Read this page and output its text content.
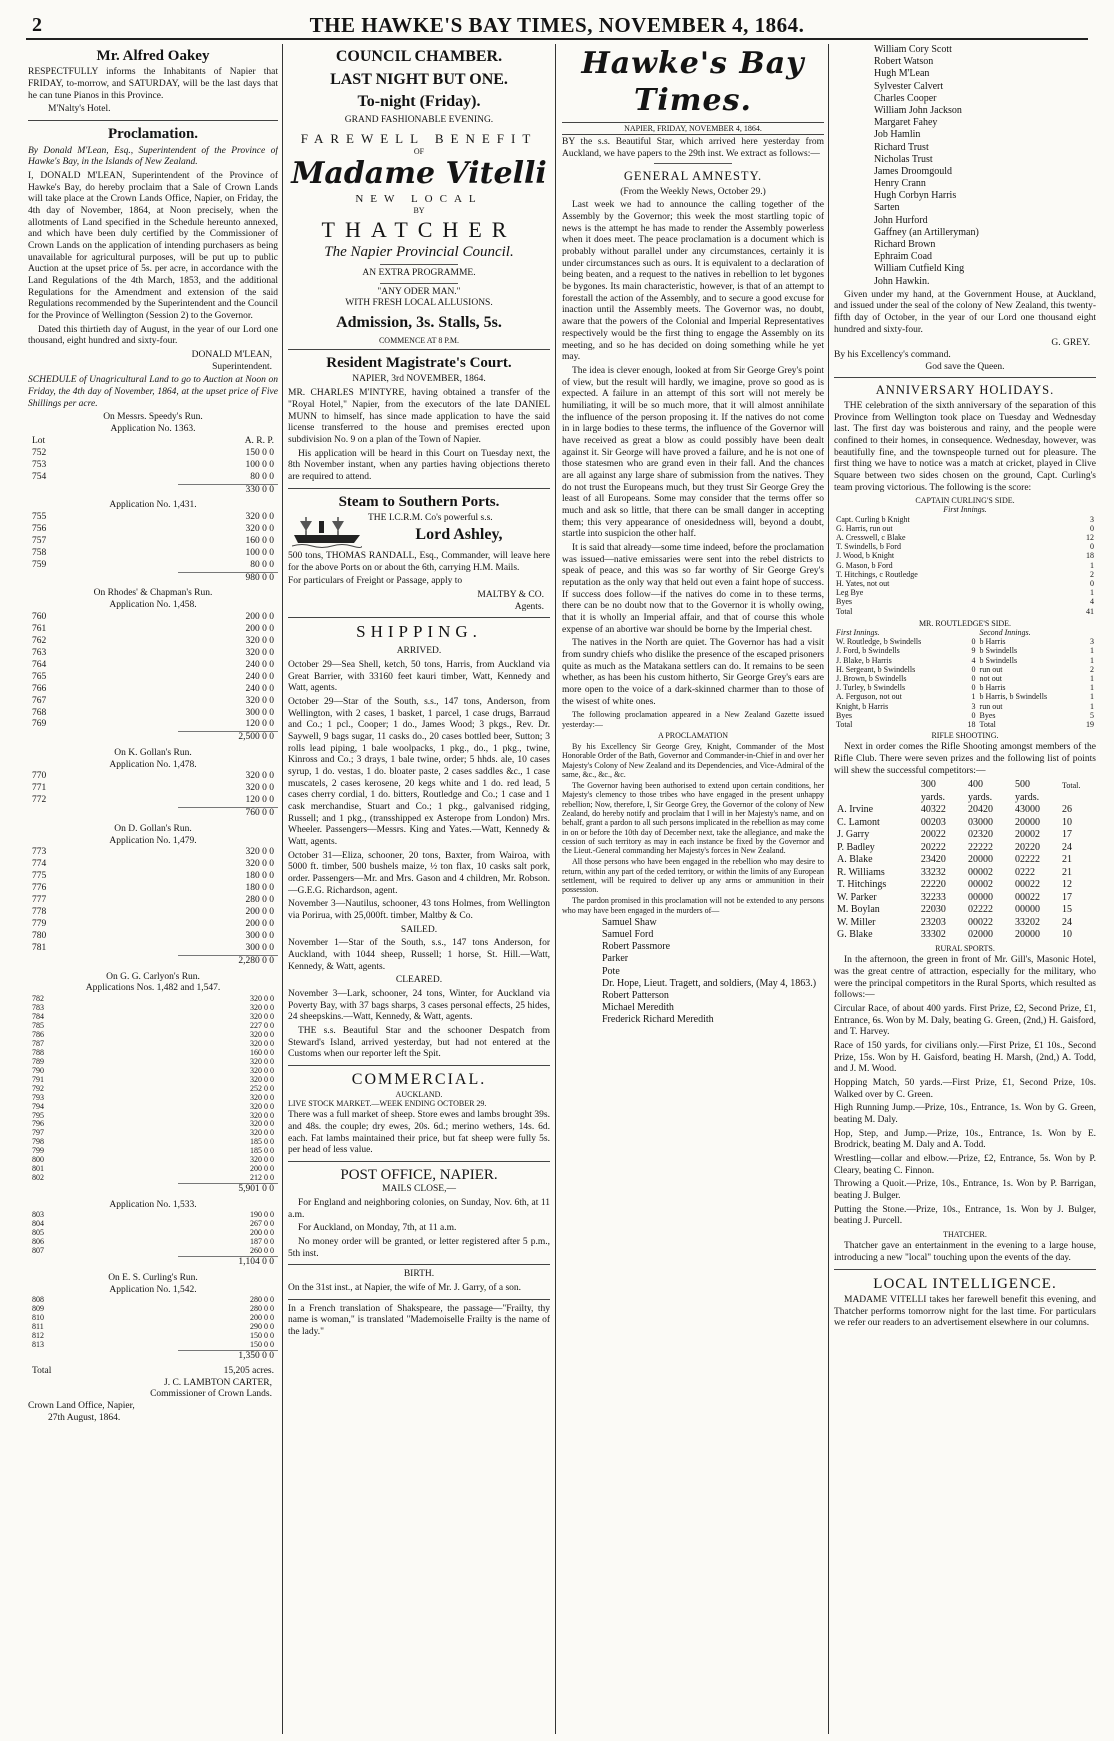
2	THE HAWKE'S BAY TIMES, NOVEMBER 4, 1864.
Mr. Alfred Oakey

RESPECTFULLY informs the Inhabitants of Napier that FRIDAY, to-morrow, and SATURDAY, will be the last days that he can tune Pianos in this Province.

M'Nalty's Hotel.

Proclamation.

By Donald M'Lean, Esq., Superintendent of the Province of Hawke's Bay, in the Islands of New Zealand.

I, DONALD M'LEAN, Superintendent of the Province of Hawke's Bay, do hereby proclaim that a Sale of Crown Lands will take place at the Crown Lands Office, Napier, on Friday, the 4th day of November, 1864, at Noon precisely, when the allotments of Land specified in the Schedule hereunto annexed, and which have been duly certified by the Commissioner of Crown Lands on the application of intending purchasers as being unavailable for agricultural purposes, will be put up to public Auction at the upset price of 5s. per acre, in accordance with the Land Regulations of the 4th March, 1853, and the additional Regulations for the Amendment and extension of the said Regulations recommended by the Superintendent and the Council for the Province of Wellington (Session 2) to the Governor.

Dated this thirtieth day of August, in the year of our Lord one thousand, eight hundred and sixty-four.

DONALD M'LEAN,
Superintendent.

SCHEDULE of Unagricultural Land to go to Auction at Noon on Friday, the 4th day of November, 1864, at the upset price of Five Shillings per acre.

On Messrs. Speedy's Run.
Application No. 1363.
Lot	A. R. P.
752	150 0 0
753	100 0 0
754	80 0 0
330 0 0
Application No. 1,431.
755	320 0 0
756	320 0 0
757	160 0 0
758	100 0 0
759	80 0 0
980 0 0
On Rhodes' & Chapman's Run.
Application No. 1,458.
760	200 0 0
761	200 0 0
762	320 0 0
763	320 0 0
764	240 0 0
765	240 0 0
766	240 0 0
767	320 0 0
768	300 0 0
769	120 0 0
2,500 0 0
On K. Gollan's Run.
Application No. 1,478.
770	320 0 0
771	320 0 0
772	120 0 0
760 0 0
On D. Gollan's Run.
Application No. 1,479.
773	320 0 0
774	320 0 0
775	180 0 0
776	180 0 0
777	280 0 0
778	200 0 0
779	200 0 0
780	300 0 0
781	300 0 0
2,280 0 0
On G. G. Carlyon's Run.
Applications Nos. 1,482 and 1,547.
782	320 0 0
783	320 0 0
784	320 0 0
785	227 0 0
786	320 0 0
787	320 0 0
788	160 0 0
789	320 0 0
790	320 0 0
791	320 0 0
792	252 0 0
793	320 0 0
794	320 0 0
795	320 0 0
796	320 0 0
797	320 0 0
798	185 0 0
799	185 0 0
800	320 0 0
801	200 0 0
802	212 0 0
5,901 0 0
Application No. 1,533.
803	190 0 0
804	267 0 0
805	200 0 0
806	187 0 0
807	260 0 0
1,104 0 0
On E. S. Curling's Run.
Application No. 1,542.
808	280 0 0
809	280 0 0
810	200 0 0
811	290 0 0
812	150 0 0
813	150 0 0
1,350 0 0
Total	15,205 acres.
J. C. LAMBTON CARTER,
Commissioner of Crown Lands.
Crown Land Office, Napier,
27th August, 1864.
COUNCIL CHAMBER.
LAST NIGHT BUT ONE.
To-night (Friday).
GRAND FASHIONABLE EVENING.
FAREWELL BENEFIT
OF
Madame Vitelli
NEW LOCAL
BY
THATCHER
The Napier Provincial Council.
AN EXTRA PROGRAMME.
"ANY ODER MAN."
WITH FRESH LOCAL ALLUSIONS.
Admission, 3s. Stalls, 5s.
COMMENCE AT 8 P.M.
Resident Magistrate's Court.
NAPIER, 3rd NOVEMBER, 1864.

MR. CHARLES M'INTYRE, having obtained a transfer of the "Royal Hotel," Napier, from the executors of the late DANIEL MUNN to himself, has since made application to have the said license transferred to the house and premises erected upon subdivision No. 9 on a plan of the Town of Napier.

His application will be heard in this Court on Tuesday next, the 8th November instant, when any parties having objections thereto are required to attend.

Steam to Southern Ports.
THE I.C.R.M. Co's powerful s.s.
Lord Ashley,

500 tons, THOMAS RANDALL, Esq., Commander, will leave here for the above Ports on or about the 6th, carrying H.M. Mails.

For particulars of Freight or Passage, apply to

MALTBY & CO.
Agents.
SHIPPING.
ARRIVED.

October 29—Sea Shell, ketch, 50 tons, Harris, from Auckland via Great Barrier, with 33160 feet kauri timber, Watt, Kennedy and Watt, agents.

October 29—Star of the South, s.s., 147 tons, Anderson, from Wellington, with 2 cases, 1 basket, 1 parcel, 1 case drugs, Barraud and Co.; 1 pcl., Cooper; 1 do., James Wood; 3 pkgs., Rev. Dr. Saywell, 9 bags sugar, 11 casks do., 20 cases bottled beer, Sutton; 3 rolls lead piping, 1 bale woolpacks, 1 pkg., do., 1 pkg., twine, Kinross and Co.; 3 drays, 1 bale twine, order; 5 hhds. ale, 10 cases syrup, 1 do. vestas, 1 do. bloater paste, 2 cases saddles &c., 1 case muscatels, 2 cases kerosene, 20 kegs white and 1 do. red lead, 5 cases cherry cordial, 1 do. bitters, Routledge and Co.; 1 case and 1 cask merchandise, Stuart and Co.; 1 pkg., galvanised ridging, Russell; and 1 pkg., (transshipped ex Asterope from London) Mrs. Wheeler. Passengers—Messrs. King and Yates.—Watt, Kennedy & Watt, agents.

October 31—Eliza, schooner, 20 tons, Baxter, from Wairoa, with 5000 ft. timber, 500 bushels maize, ½ ton flax, 10 casks salt pork, order. Passengers—Mr. and Mrs. Gason and 4 children, Mr. Robson.—G.E.G. Richardson, agent.

November 3—Nautilus, schooner, 43 tons Holmes, from Wellington via Porirua, with 25,000ft. timber, Maltby & Co.

SAILED.

November 1—Star of the South, s.s., 147 tons Anderson, for Auckland, with 1044 sheep, Russell; 1 horse, St. Hill.—Watt, Kennedy, & Watt, agents.

CLEARED.

November 3—Lark, schooner, 24 tons, Winter, for Auckland via Poverty Bay, with 37 bags sharps, 3 cases personal effects, 25 hides, 24 sheepskins.—Watt, Kennedy, & Watt, agents.

THE s.s. Beautiful Star and the schooner Despatch from Steward's Island, arrived yesterday, but had not entered at the Customs when our reporter left the Spit.

COMMERCIAL.
AUCKLAND.
LIVE STOCK MARKET.—WEEK ENDING OCTOBER 29.

There was a full market of sheep. Store ewes and lambs brought 39s. and 48s. the couple; dry ewes, 20s. 6d.; merino wethers, 14s. 6d. each. Fat lambs maintained their price, but fat sheep were fully 5s. per head of less value.

POST OFFICE, NAPIER.
MAILS CLOSE,—

For England and neighboring colonies, on Sunday, Nov. 6th, at 11 a.m.

For Auckland, on Monday, 7th, at 11 a.m.

No money order will be granted, or letter registered after 5 p.m., 5th inst.

BIRTH.

On the 31st inst., at Napier, the wife of Mr. J. Garry, of a son.

In a French translation of Shakspeare, the passage—"Frailty, thy name is woman," is translated "Mademoiselle Frailty is the name of the lady."

Hawke's Bay Times.
NAPIER, FRIDAY, NOVEMBER 4, 1864.

BY the s.s. Beautiful Star, which arrived here yesterday from Auckland, we have papers to the 29th inst. We extract as follows:—

GENERAL AMNESTY.
(From the Weekly News, October 29.)

Last week we had to announce the calling together of the Assembly by the Governor; this week the most startling topic of news is the attempt he has made to render the Assembly powerless when it does meet. The peace proclamation is a document which is probably without parallel under any circumstances, certainly it is under circumstances such as ours. It is equivalent to a declaration of being beaten, and a request to the natives in rebellion to let bygones be bygones. Its main characteristic, however, is that of an attempt to forestall the action of the Assembly, and to secure a good excuse for inaction until the Assembly meets. The Governor was, no doubt, aware that the powers of the Colonial and Imperial Representatives respectively would be the first thing to engage the Assembly on its meeting, and so he has decided on doing something while he yet may.

The idea is clever enough, looked at from Sir George Grey's point of view, but the result will hardly, we imagine, prove so good as is expected. A failure in an attempt of this sort will not merely be humiliating, it will be so much more, that it will almost annihilate the influence of the person proposing it. If the natives do not come in in large bodies to these terms, the influence of the Governor will have received as great a blow as could possibly have been dealt against it. Sir George will have proved a failure, and he is not one of those statesmen who are grand even in their fall. And the chances are all against any large share of submission from the natives. They do not trust the Europeans much, but they trust Sir George Grey the least of all Europeans. Some may consider that the terms offer so much and ask so little, that there can be small danger in accepting them; this very appearance of onesidedness will, beyond a doubt, startle into suspicion the other half.

It is said that already—some time indeed, before the proclamation was issued—native emissaries were sent into the rebel districts to speak of peace, and this was so far worthy of Sir George Grey's reputation as the only way that held out even a faint hope of success. If success does follow—if the natives do come in to these terms, there can be no doubt now that to the Governor it is wholly owing, that it is wholly an Imperial affair, and that of course this whole expense of an abortive war should be borne by the Imperial chest.

The natives in the North are quiet. The Governor has had a visit from sundry chiefs who dislike the presence of the escaped prisoners quite as much as the Matakana settlers can do. It remains to be seen whether, as has been his custom hitherto, Sir George Grey's ears are more open to the voice of a dark-skinned charmer than to those of the wisest of white ones.

The following proclamation appeared in a New Zealand Gazette issued yesterday:—

A PROCLAMATION

By his Excellency Sir George Grey, Knight, Commander of the Most Honorable Order of the Bath, Governor and Commander-in-Chief in and over her Majesty's Colony of New Zealand and its Dependencies, and Vice-Admiral of the same, &c., &c., &c.

The Governor having been authorised to extend upon certain conditions, her Majesty's clemency to those tribes who have engaged in the present unhappy rebellion; Now, therefore, I, Sir George Grey, the Governor of the colony of New Zealand, do hereby notify and proclaim that I will in her Majesty's name, and on behalf, grant a pardon to all such persons implicated in the rebellion as may come in on or before the 10th day of December next, take the allegiance, and make the cession of such territory as may in each instance be fixed by the Governor and the Lieut.-General commanding her Majesty's forces in New Zealand.

All those persons who have been engaged in the rebellion who may desire to return, within any part of the ceded territory, or within the limits of any European settlement, will be required to deliver up any arms or ammunition in their possession.

The pardon promised in this proclamation will not be extended to any persons who may have been engaged in the murders of—

Samuel Shaw
Samuel Ford
Robert Passmore
Parker
Pote
Dr. Hope, Lieut. Tragett, and soldiers, (May 4, 1863.)
Robert Patterson
Michael Meredith
Frederick Richard Meredith
William Cory Scott
Robert Watson
Hugh M'Lean
Sylvester Calvert
Charles Cooper
William John Jackson
Margaret Fahey
Job Hamlin
Richard Trust
Nicholas Trust
James Droomgould
Henry Crann
Hugh Corbyn Harris
Sarten
John Hurford
Gaffney (an Artilleryman)
Richard Brown
Ephraim Coad
William Cutfield King
John Hawkin.

Given under my hand, at the Government House, at Auckland, and issued under the seal of the colony of New Zealand, this twenty-fifth day of October, in the year of our Lord one thousand eight hundred and sixty-four.

G. GREY.
By his Excellency's command.
God save the Queen.
ANNIVERSARY HOLIDAYS.

THE celebration of the sixth anniversary of the separation of this Province from Wellington took place on Tuesday and Wednesday last. The first day was boisterous and rainy, and the people were confined to their homes, in consequence. Wednesday, however, was beautifully fine, and the townspeople turned out for pleasure. The first thing we have to notice was a match at cricket, played in Clive Square between two sides chosen on the ground, Capt. Curling's team proving victorious. The following is the score:

CAPTAIN CURLING'S SIDE.
First Innings.
Capt. Curling b Knight	3
G. Harris, run out	0
A. Cresswell, c Blake	12
T. Swindells, b Ford	0
J. Wood, b Knight	18
G. Mason, b Ford	1
T. Hitchings, c Routledge	2
H. Yates, not out	0
Leg Bye	1
Byes	4
Total	41
MR. ROUTLEDGE'S SIDE.
First Innings.		Second Innings.	
W. Routledge, b Swindells	0	b Harris	3
J. Ford, b Swindells	9	b Swindells	1
J. Blake, b Harris	4	b Swindells	1
H. Sergeant, b Swindells	0	run out	2
J. Brown, b Swindells	0	not out	1
J. Turley, b Swindells	0	b Harris	1
A. Ferguson, not out	1	b Harris, b Swindells	1
Knight, b Harris	3	run out	1
Byes	0	Byes	5
Total	18	Total	19
RIFLE SHOOTING.

Next in order comes the Rifle Shooting amongst members of the Rifle Club. There were seven prizes and the following list of points will shew the successful competitors:—

	300	400	500	Total.
	yards.	yards.	yards.	
A. Irvine	40322	20420	43000	26
C. Lamont	00203	03000	20000	10
J. Garry	20022	02320	20002	17
P. Badley	20222	22222	20220	24
A. Blake	23420	20000	02222	21
R. Williams	33232	00002	0222	21
T. Hitchings	22220	00002	00022	12
W. Parker	32233	00000	00022	17
M. Boylan	22030	02222	00000	15
W. Miller	23203	00022	33202	24
G. Blake	33302	02000	20000	10
RURAL SPORTS.

In the afternoon, the green in front of Mr. Gill's, Masonic Hotel, was the great centre of attraction, especially for the military, who were the principal competitors in the Rural Sports, which resulted as follows:—

Circular Race, of about 400 yards. First Prize, £2, Second Prize, £1, Entrance, 6s. Won by M. Daly, beating G. Green, (2nd,) H. Gaisford, and T. Harvey.

Race of 150 yards, for civilians only.—First Prize, £1 10s., Second Prize, 15s. Won by H. Gaisford, beating H. Marsh, (2nd,) A. Todd, and J. M. Wood.

Hopping Match, 50 yards.—First Prize, £1, Second Prize, 10s. Walked over by C. Green.

High Running Jump.—Prize, 10s., Entrance, 1s. Won by G. Green, beating M. Daly.

Hop, Step, and Jump.—Prize, 10s., Entrance, 1s. Won by E. Brodrick, beating M. Daly and A. Todd.

Wrestling—collar and elbow.—Prize, £2, Entrance, 5s. Won by P. Cleary, beating C. Finnon.

Throwing a Quoit.—Prize, 10s., Entrance, 1s. Won by P. Barrigan, beating J. Bulger.

Putting the Stone.—Prize, 10s., Entrance, 1s. Won by J. Bulger, beating J. Purcell.

THATCHER.

Thatcher gave an entertainment in the evening to a large house, introducing a new "local" touching upon the events of the day.

LOCAL INTELLIGENCE.

MADAME VITELLI takes her farewell benefit this evening, and Thatcher performs tomorrow night for the last time. For particulars we refer our readers to an advertisement elsewhere in our columns.
